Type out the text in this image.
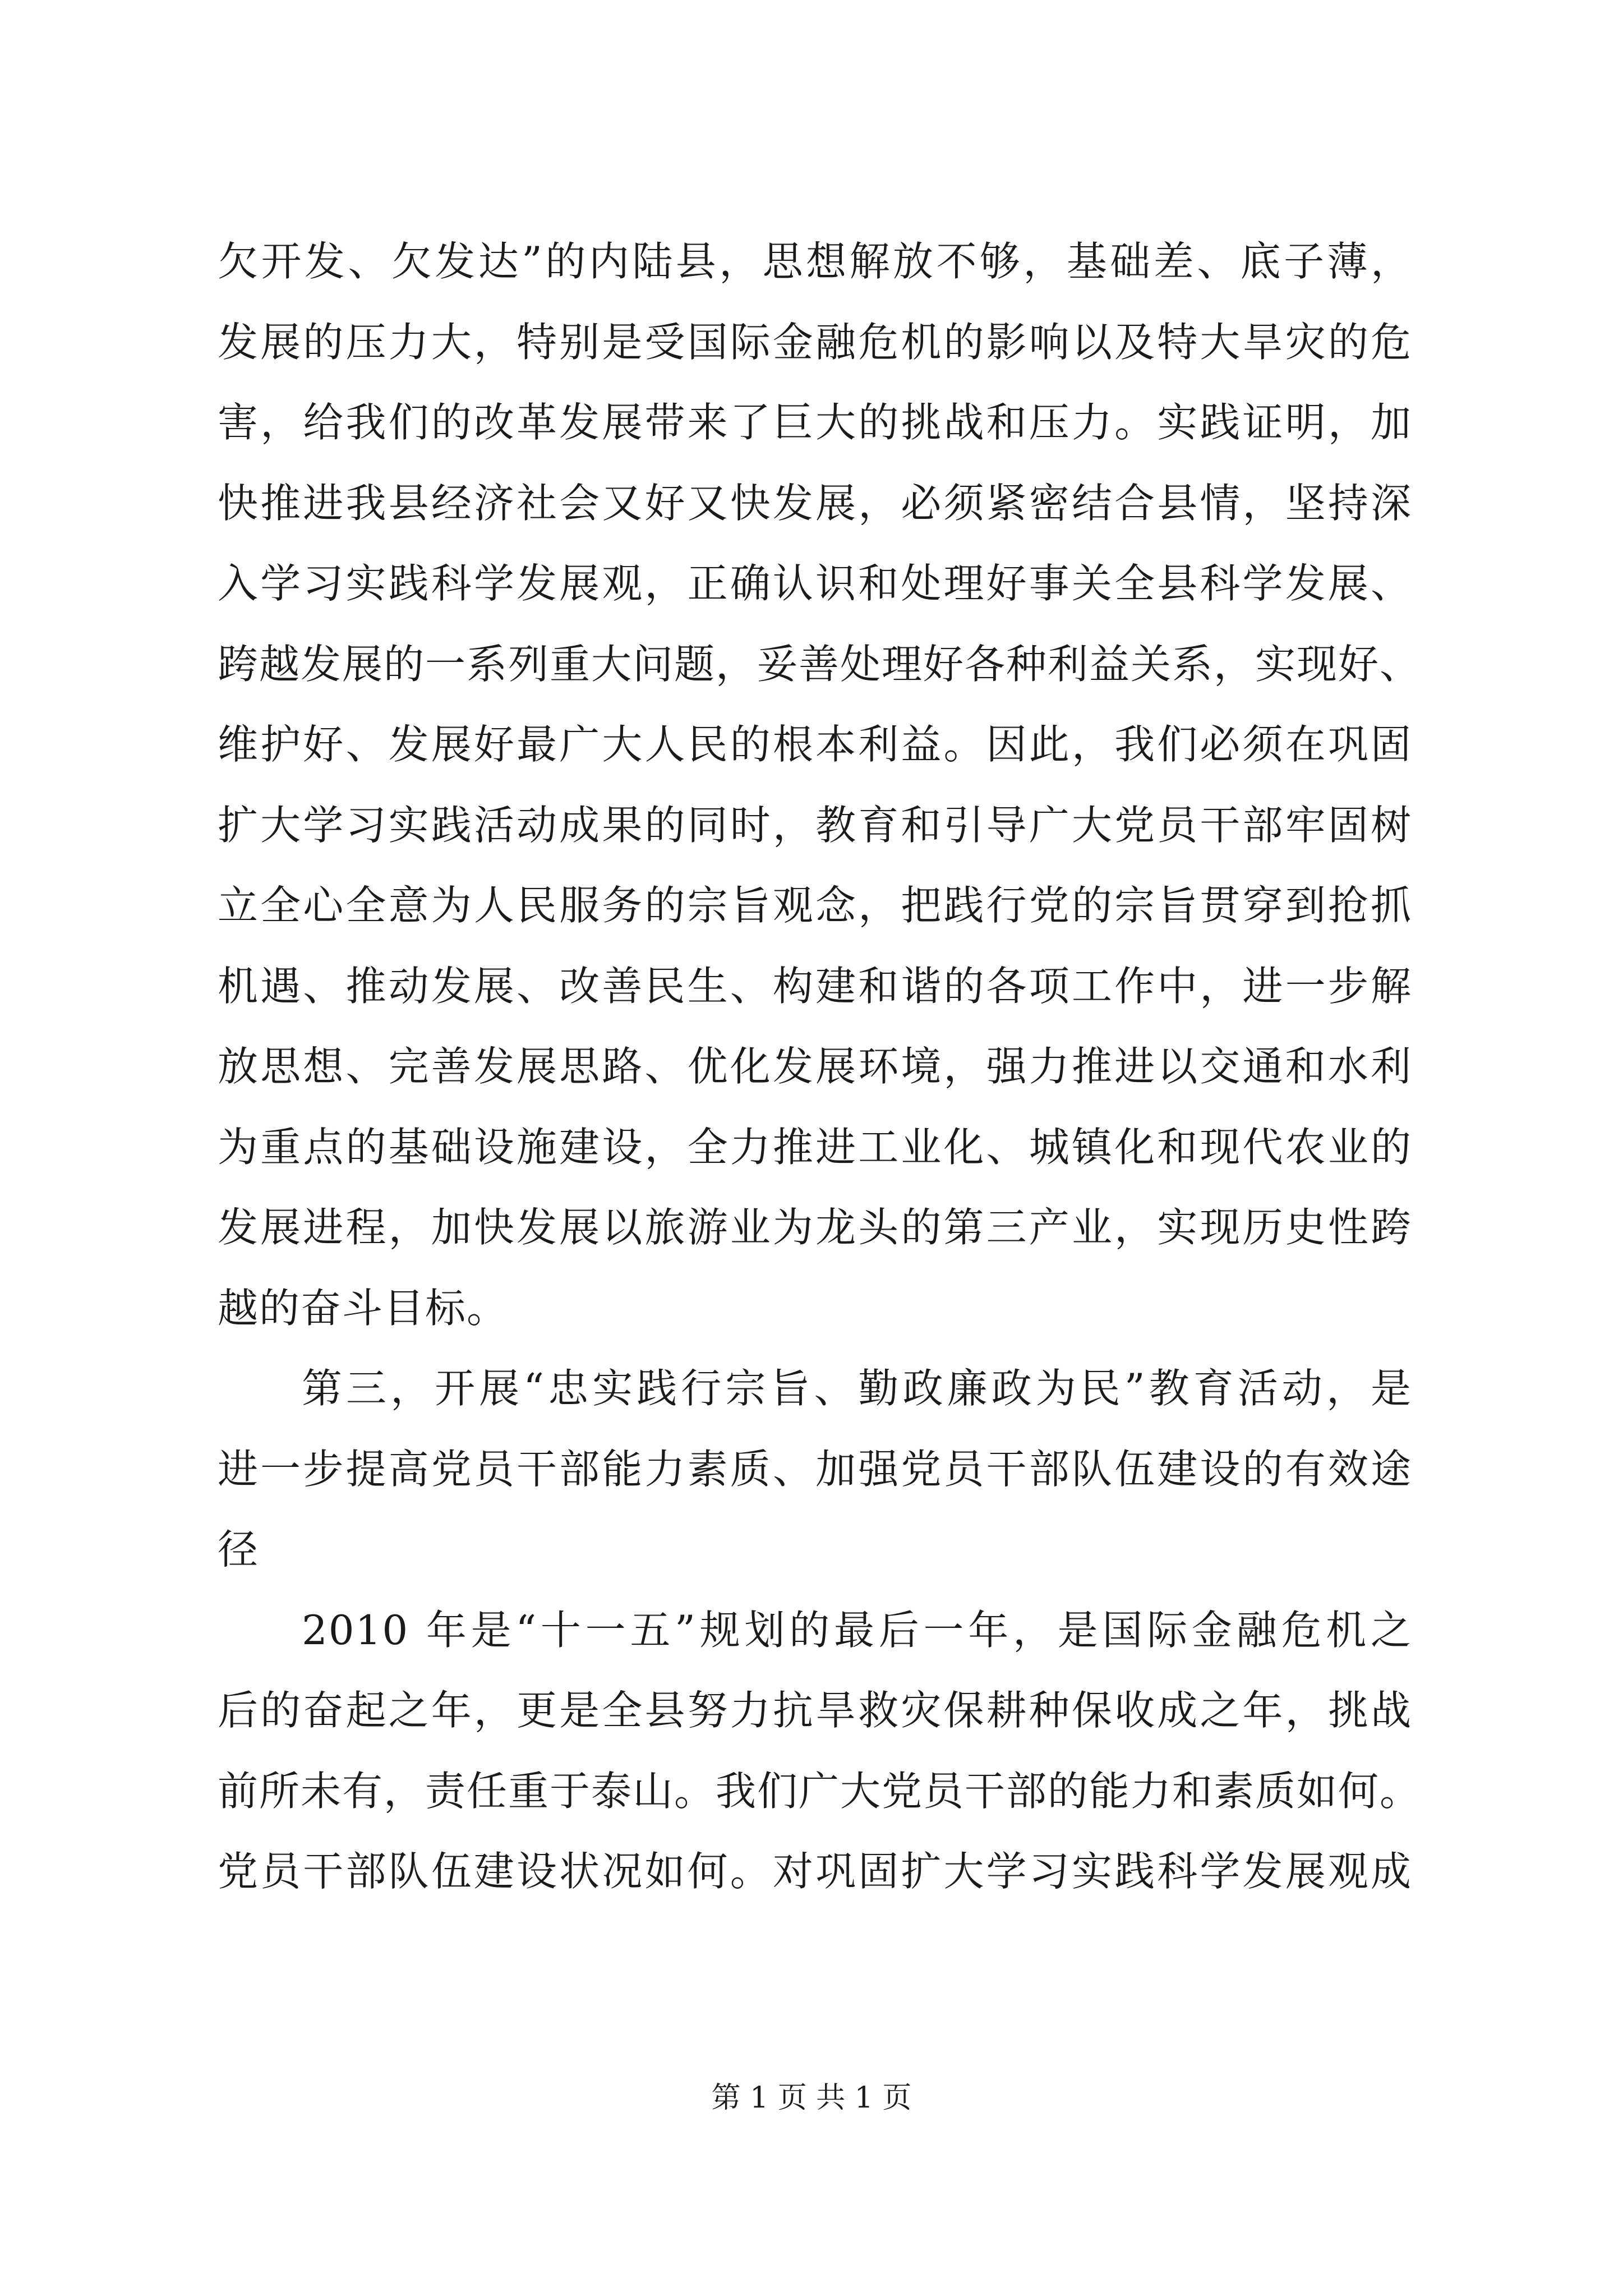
欠开发、欠发达”的内陆县，思想解放不够，基础差、底子薄，
发展的压力大，特别是受国际金融危机的影响以及特大旱灾的危
害，给我们的改革发展带来了巨大的挑战和压力。实践证明，加
快推进我县经济社会又好又快发展，必须紧密结合县情，坚持深
入学习实践科学发展观，正确认识和处理好事关全县科学发展、
跨越发展的一系列重大问题，妥善处理好各种利益关系，实现好、
维护好、发展好最广大人民的根本利益。因此，我们必须在巩固
扩大学习实践活动成果的同时，教育和引导广大党员干部牢固树
立全心全意为人民服务的宗旨观念，把践行党的宗旨贯穿到抢抓
机遇、推动发展、改善民生、构建和谐的各项工作中，进一步解
放思想、完善发展思路、优化发展环境，强力推进以交通和水利
为重点的基础设施建设，全力推进工业化、城镇化和现代农业的
发展进程，加快发展以旅游业为龙头的第三产业，实现历史性跨
越的奋斗目标。
第三，开展“忠实践行宗旨、勤政廉政为民”教育活动，是
进一步提高党员干部能力素质、加强党员干部队伍建设的有效途
径
2010 年是“十一五”规划的最后一年，是国际金融危机之
后的奋起之年，更是全县努力抗旱救灾保耕种保收成之年，挑战
前所未有，责任重于泰山。我们广大党员干部的能力和素质如何。
党员干部队伍建设状况如何。对巩固扩大学习实践科学发展观成
第 1 页 共 1 页
